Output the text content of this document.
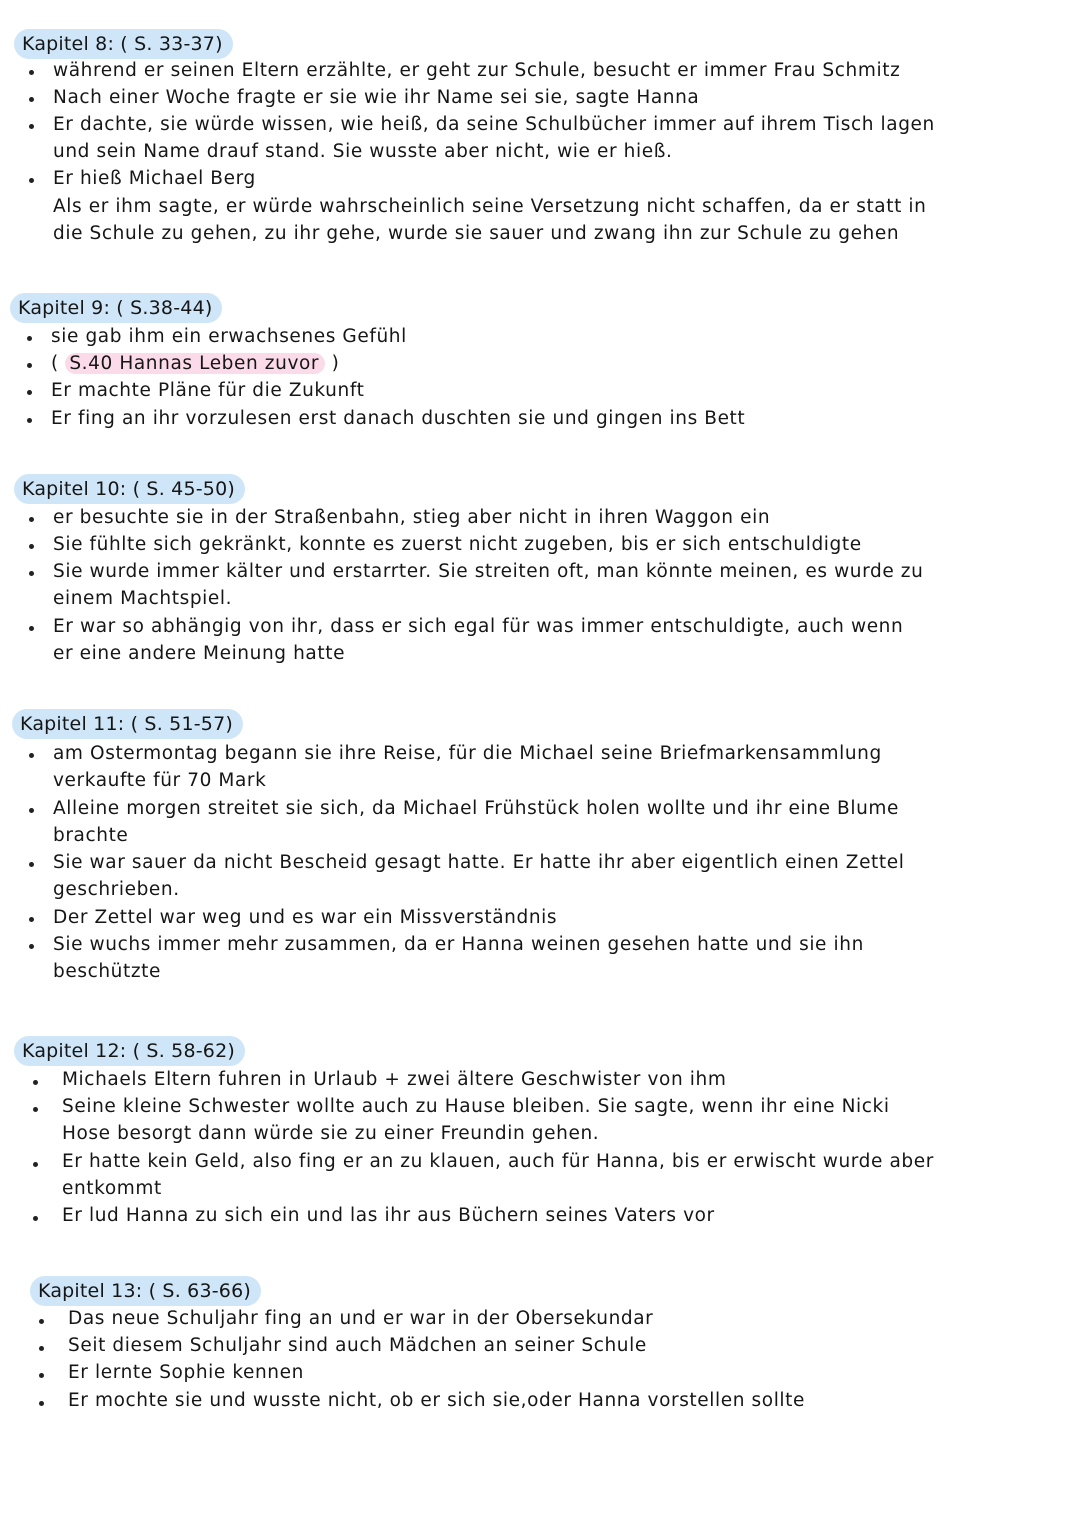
Kapitel 8: ( S. 33-37)
während er seinen Eltern erzählte, er geht zur Schule, besucht er immer Frau Schmitz
Nach einer Woche fragte er sie wie ihr Name sei sie, sagte Hanna
Er dachte, sie würde wissen, wie heiß, da seine Schulbücher immer auf ihrem Tisch lagen
und sein Name drauf stand. Sie wusste aber nicht, wie er hieß.
Er hieß Michael Berg
Als er ihm sagte, er würde wahrscheinlich seine Versetzung nicht schaffen, da er statt in
die Schule zu gehen, zu ihr gehe, wurde sie sauer und zwang ihn zur Schule zu gehen
Kapitel 9: ( S.38-44)
sie gab ihm ein erwachsenes Gefühl
( S.40 Hannas Leben zuvor )
Er machte Pläne für die Zukunft
Er fing an ihr vorzulesen erst danach duschten sie und gingen ins Bett
Kapitel 10: ( S. 45-50)
er besuchte sie in der Straßenbahn, stieg aber nicht in ihren Waggon ein
Sie fühlte sich gekränkt, konnte es zuerst nicht zugeben, bis er sich entschuldigte
Sie wurde immer kälter und erstarrter. Sie streiten oft, man könnte meinen, es wurde zu
einem Machtspiel.
Er war so abhängig von ihr, dass er sich egal für was immer entschuldigte, auch wenn
er eine andere Meinung hatte
Kapitel 11: ( S. 51-57)
am Ostermontag begann sie ihre Reise, für die Michael seine Briefmarkensammlung
verkaufte für 70 Mark
Alleine morgen streitet sie sich, da Michael Frühstück holen wollte und ihr eine Blume
brachte
Sie war sauer da nicht Bescheid gesagt hatte. Er hatte ihr aber eigentlich einen Zettel
geschrieben.
Der Zettel war weg und es war ein Missverständnis
Sie wuchs immer mehr zusammen, da er Hanna weinen gesehen hatte und sie ihn
beschützte
Kapitel 12: ( S. 58-62)
Michaels Eltern fuhren in Urlaub + zwei ältere Geschwister von ihm
Seine kleine Schwester wollte auch zu Hause bleiben. Sie sagte, wenn ihr eine Nicki
Hose besorgt dann würde sie zu einer Freundin gehen.
Er hatte kein Geld, also fing er an zu klauen, auch für Hanna, bis er erwischt wurde aber
entkommt
Er lud Hanna zu sich ein und las ihr aus Büchern seines Vaters vor
Kapitel 13: ( S. 63-66)
Das neue Schuljahr fing an und er war in der Obersekundar
Seit diesem Schuljahr sind auch Mädchen an seiner Schule
Er lernte Sophie kennen
Er mochte sie und wusste nicht, ob er sich sie,oder Hanna vorstellen sollte
